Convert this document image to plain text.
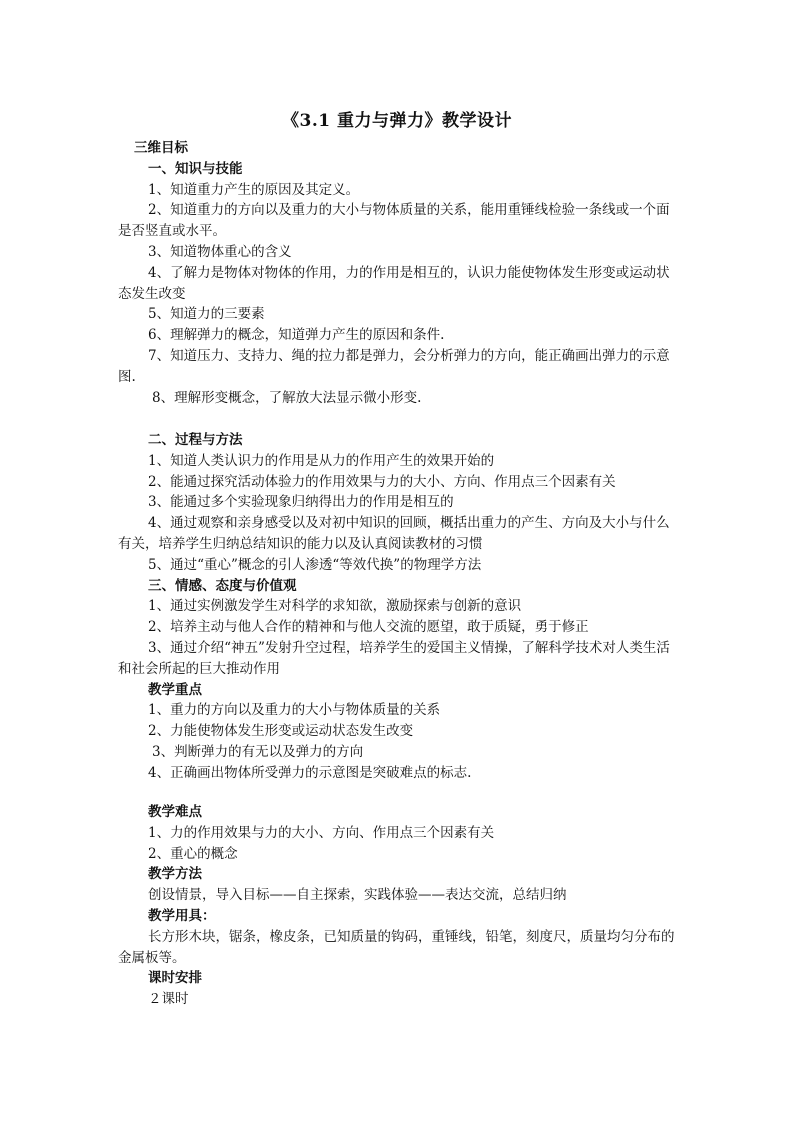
《3.1 重力与弹力》教学设计

三维目标

一、知识与技能

1、知道重力产生的原因及其定义。

2、知道重力的方向以及重力的大小与物体质量的关系，能用重锤线检验一条线或一个面是否竖直或水平。

3、知道物体重心的含义

4、了解力是物体对物体的作用，力的作用是相互的，认识力能使物体发生形变或运动状态发生改变

5、知道力的三要素

6、理解弹力的概念，知道弹力产生的原因和条件.

7、知道压力、支持力、绳的拉力都是弹力，会分析弹力的方向，能正确画出弹力的示意图.

8、理解形变概念，了解放大法显示微小形变.

二、过程与方法

1、知道人类认识力的作用是从力的作用产生的效果开始的

2、能通过探究活动体验力的作用效果与力的大小、方向、作用点三个因素有关

3、能通过多个实验现象归纳得出力的作用是相互的

4、通过观察和亲身感受以及对初中知识的回顾，概括出重力的产生、方向及大小与什么有关，培养学生归纳总结知识的能力以及认真阅读教材的习惯

5、通过“重心”概念的引人渗透“等效代换”的物理学方法

三、情感、态度与价值观

1、通过实例激发学生对科学的求知欲，激励探索与创新的意识

2、培养主动与他人合作的精神和与他人交流的愿望，敢于质疑，勇于修正

3、通过介绍“神五”发射升空过程，培养学生的爱国主义情操，了解科学技术对人类生活和社会所起的巨大推动作用

教学重点

1、重力的方向以及重力的大小与物体质量的关系

2、力能使物体发生形变或运动状态发生改变

3、判断弹力的有无以及弹力的方向

4、正确画出物体所受弹力的示意图是突破难点的标志.

教学难点

1、力的作用效果与力的大小、方向、作用点三个因素有关

2、重心的概念

教学方法

创设情景，导入目标——自主探索，实践体验——表达交流，总结归纳

教学用具：

长方形木块，锯条，橡皮条，已知质量的钩码，重锤线，铅笔，刻度尺，质量均匀分布的金属板等。

课时安排

２课时
